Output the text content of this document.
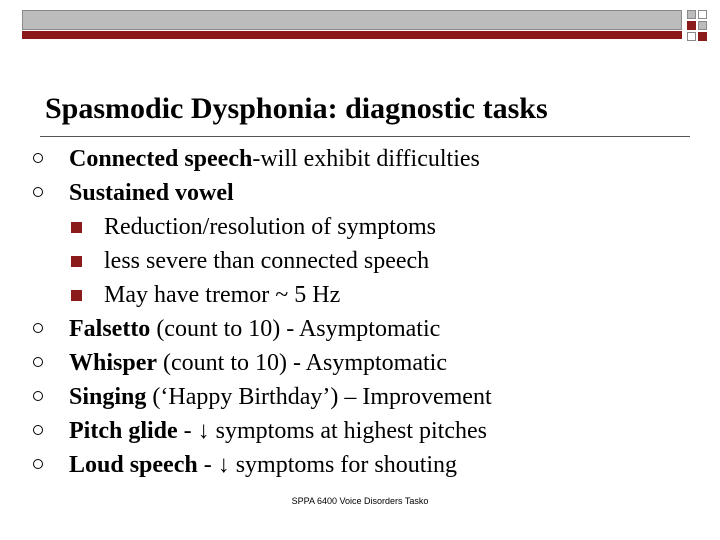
Spasmodic Dysphonia: diagnostic tasks
Connected speech-will exhibit difficulties
Sustained vowel
Reduction/resolution of symptoms
less severe than connected speech
May have tremor ~ 5 Hz
Falsetto (count to 10) - Asymptomatic
Whisper (count to 10) - Asymptomatic
Singing (‘Happy Birthday’) – Improvement
Pitch glide - ↓ symptoms at highest pitches
Loud speech - ↓ symptoms for shouting
SPPA 6400 Voice Disorders Tasko
